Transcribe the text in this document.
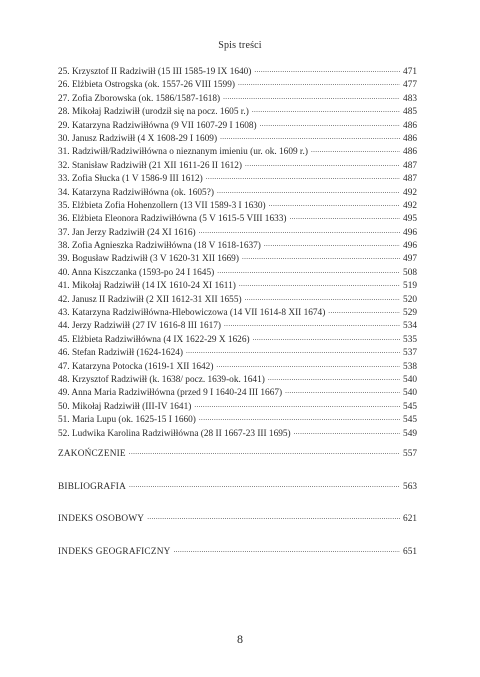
Spis treści
25. Krzysztof II Radziwiłł (15 III 1585-19 IX 1640) .....	471
26. Elżbieta Ostrogska (ok. 1557-26 VIII 1599) .....	477
27. Zofia Zborowska (ok. 1586/1587-1618) .....	483
28. Mikołaj Radziwiłł (urodził się na pocz. 1605 r.) .....	485
29. Katarzyna Radziwiłłówna (9 VII 1607-29 I 1608) .....	486
30. Janusz Radziwiłł (4 X 1608-29 I 1609) .....	486
31. Radziwiłł/Radziwiłłówna o nieznanym imieniu (ur. ok. 1609 r.) .....	486
32. Stanisław Radziwiłł (21 XII 1611-26 II 1612) .....	487
33. Zofia Słucka (1 V 1586-9 III 1612) .....	487
34. Katarzyna Radziwiłłówna (ok. 1605?) .....	492
35. Elżbieta Zofia Hohenzollern (13 VII 1589-3 I 1630) .....	492
36. Elżbieta Eleonora Radziwiłłówna (5 V 1615-5 VIII 1633) .....	495
37. Jan Jerzy Radziwiłł (24 XI 1616) .....	496
38. Zofia Agnieszka Radziwiłłówna (18 V 1618-1637) .....	496
39. Bogusław Radziwiłł (3 V 1620-31 XII 1669) .....	497
40. Anna Kiszczanka (1593-po 24 I 1645) .....	508
41. Mikołaj Radziwiłł (14 IX 1610-24 XI 1611) .....	519
42. Janusz II Radziwiłł (2 XII 1612-31 XII 1655) .....	520
43. Katarzyna Radziwiłłówna-Hlebowiczowa (14 VII 1614-8 XII 1674) .....	529
44. Jerzy Radziwiłł (27 IV 1616-8 III 1617) .....	534
45. Elżbieta Radziwiłłówna (4 IX 1622-29 X 1626) .....	535
46. Stefan Radziwiłł (1624-1624) .....	537
47. Katarzyna Potocka (1619-1 XII 1642) .....	538
48. Krzysztof Radziwiłł (k. 1638/ pocz. 1639-ok. 1641) .....	540
49. Anna Maria Radziwiłłówna (przed 9 I 1640-24 III 1667) .....	540
50. Mikołaj Radziwiłł (III-IV 1641) .....	545
51. Maria Lupu (ok. 1625-15 I 1660) .....	545
52. Ludwika Karolina Radziwiłłówna (28 II 1667-23 III 1695) .....	549
ZAKOŃCZENIE .....	557
BIBLIOGRAFIA .....	563
INDEKS OSOBOWY .....	621
INDEKS GEOGRAFICZNY .....	651
8
